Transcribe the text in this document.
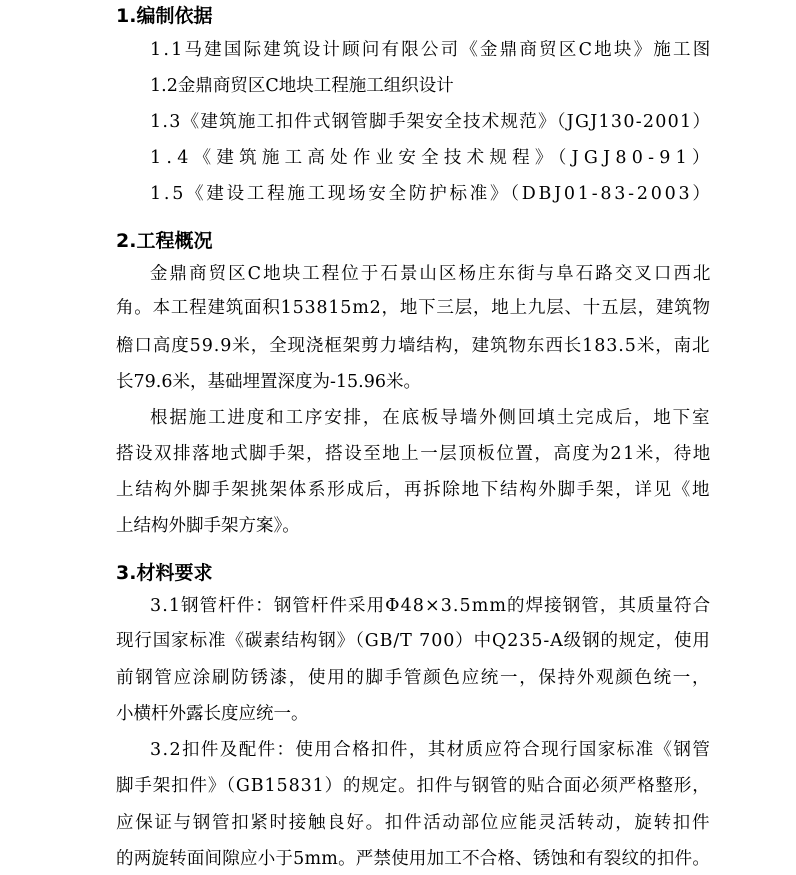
1.编制依据
1.1马建国际建筑设计顾问有限公司《金鼎商贸区C地块》施工图
1.2金鼎商贸区C地块工程施工组织设计
1.3《建筑施工扣件式钢管脚手架安全技术规范》（JGJ130-2001）
1.4《建筑施工高处作业安全技术规程》（JGJ80-91）
1.5《建设工程施工现场安全防护标准》（DBJ01-83-2003）
2.工程概况
金鼎商贸区C地块工程位于石景山区杨庄东街与阜石路交叉口西北
角。本工程建筑面积153815m2，地下三层，地上九层、十五层，建筑物
檐口高度59.9米，全现浇框架剪力墙结构，建筑物东西长183.5米，南北
长79.6米，基础埋置深度为-15.96米。
根据施工进度和工序安排，在底板导墙外侧回填土完成后，地下室
搭设双排落地式脚手架，搭设至地上一层顶板位置，高度为21米，待地
上结构外脚手架挑架体系形成后，再拆除地下结构外脚手架，详见《地
上结构外脚手架方案》。
3.材料要求
3.1钢管杆件：钢管杆件采用Φ48×3.5mm的焊接钢管，其质量符合
现行国家标准《碳素结构钢》（GB/T 700）中Q235-A级钢的规定，使用
前钢管应涂刷防锈漆，使用的脚手管颜色应统一，保持外观颜色统一，
小横杆外露长度应统一。
3.2扣件及配件：使用合格扣件，其材质应符合现行国家标准《钢管
脚手架扣件》（GB15831）的规定。扣件与钢管的贴合面必须严格整形，
应保证与钢管扣紧时接触良好。扣件活动部位应能灵活转动，旋转扣件
的两旋转面间隙应小于5mm。严禁使用加工不合格、锈蚀和有裂纹的扣件。
